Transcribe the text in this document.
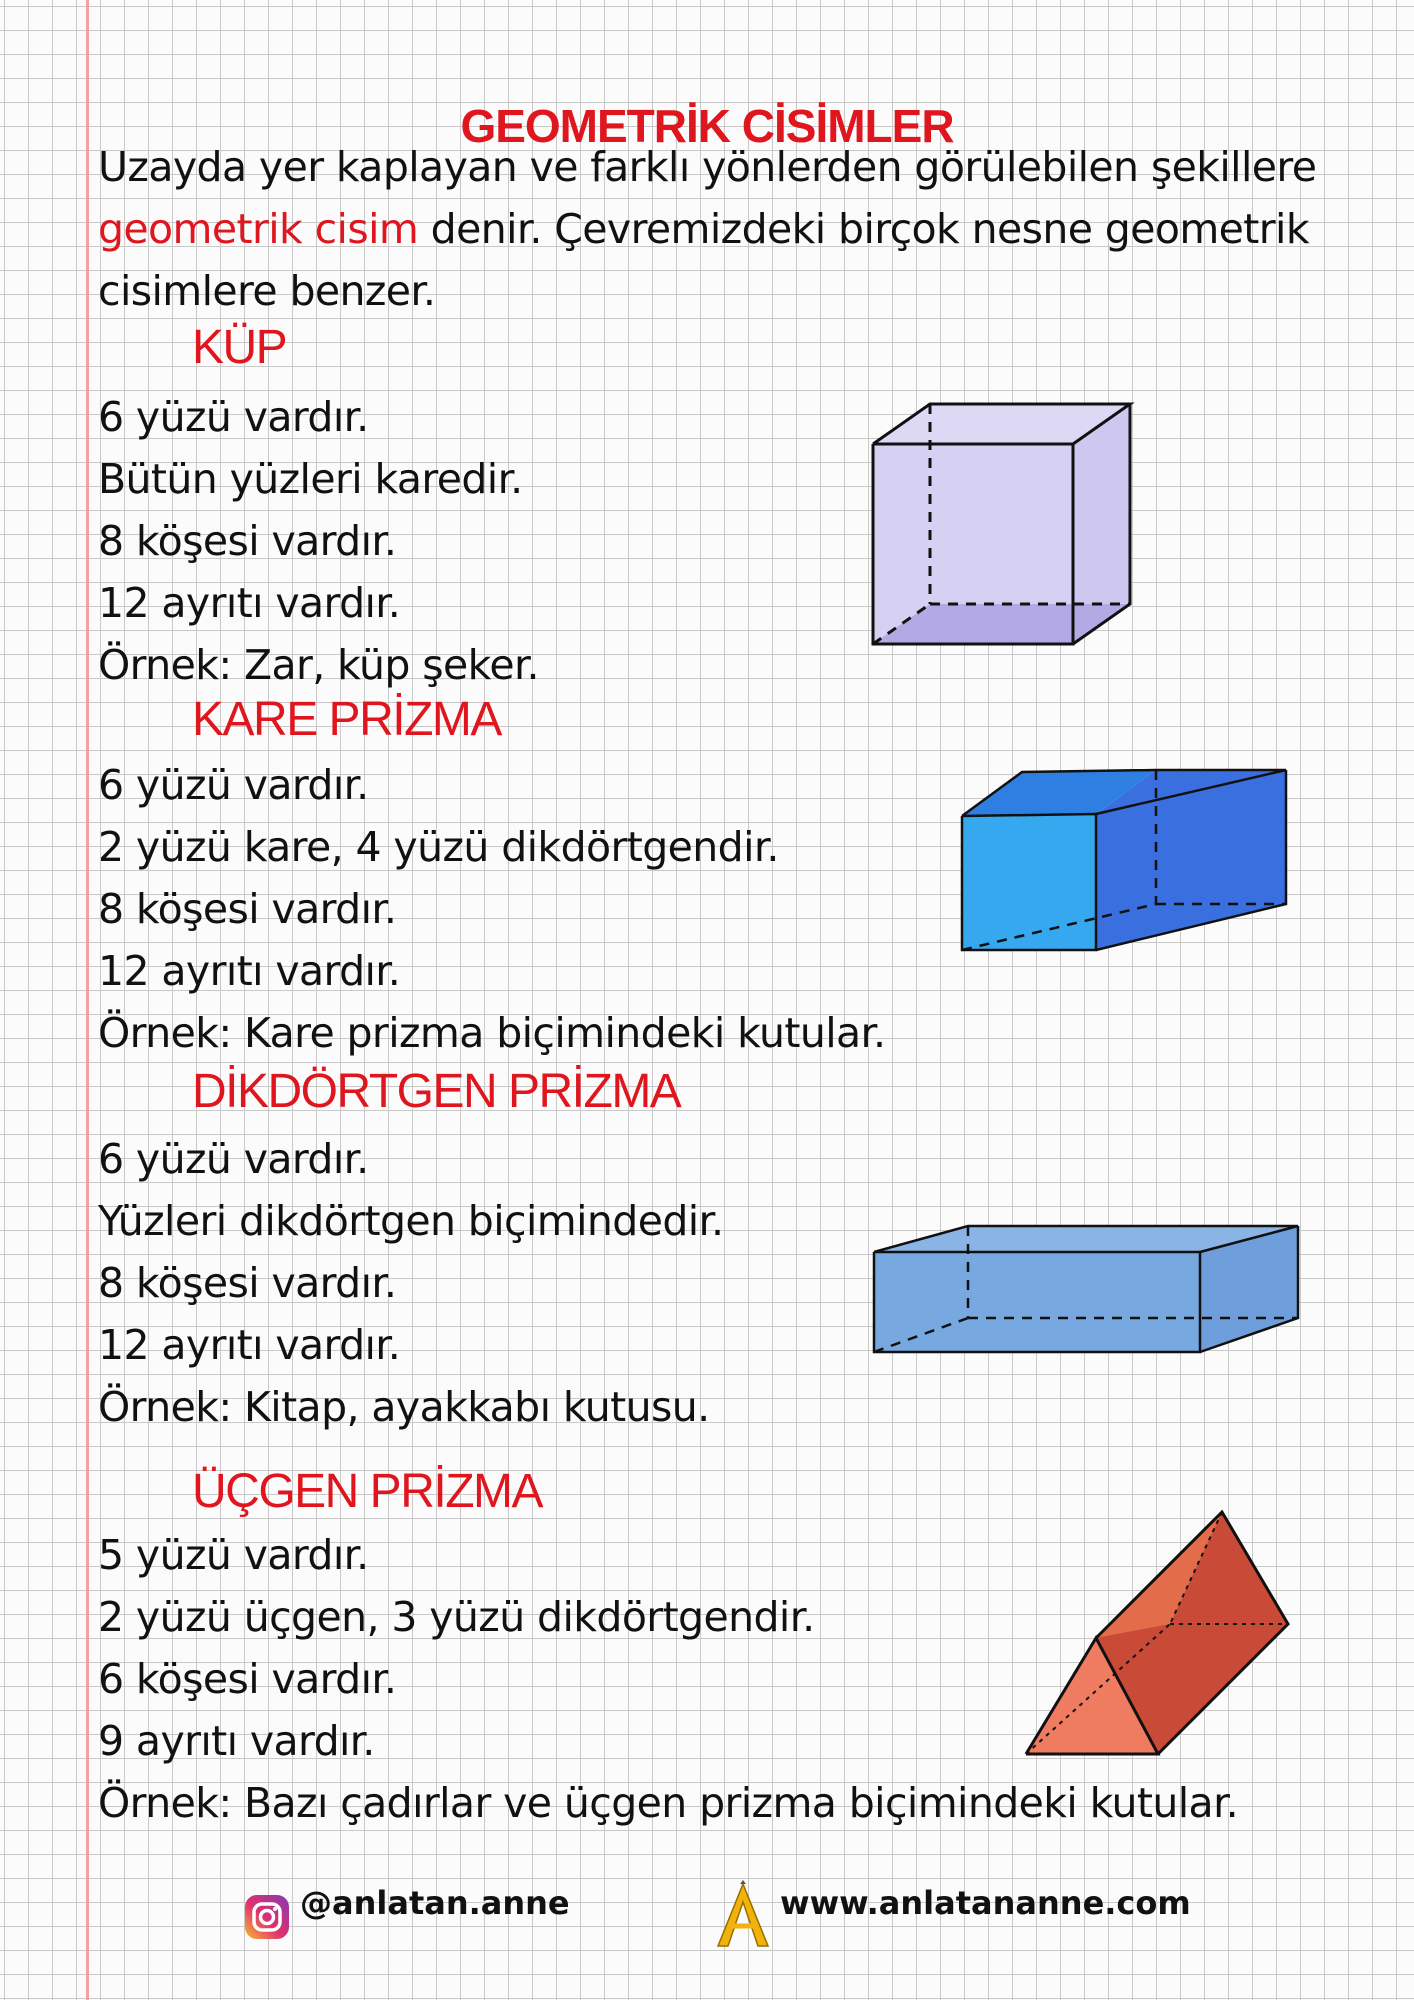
GEOMETRİK CİSİMLER

Uzayda yer kaplayan ve farklı yönlerden görülebilen şekillere geometrik cisim denir. Çevremizdeki birçok nesne geometrik cisimlere benzer.

KÜP
6 yüzü vardır.
Bütün yüzleri karedir.
8 köşesi vardır.
12 ayrıtı vardır.
Örnek: Zar, küp şeker.
KARE PRİZMA
6 yüzü vardır.
2 yüzü kare, 4 yüzü dikdörtgendir.
8 köşesi vardır.
12 ayrıtı vardır.
Örnek: Kare prizma biçimindeki kutular.
DİKDÖRTGEN PRİZMA
6 yüzü vardır.
Yüzleri dikdörtgen biçimindedir.
8 köşesi vardır.
12 ayrıtı vardır.
Örnek: Kitap, ayakkabı kutusu.
ÜÇGEN PRİZMA
5 yüzü vardır.
2 yüzü üçgen, 3 yüzü dikdörtgendir.
6 köşesi vardır.
9 ayrıtı vardır.
Örnek: Bazı çadırlar ve üçgen prizma biçimindeki kutular.
@anlatan.anne	www.anlatananne.com
